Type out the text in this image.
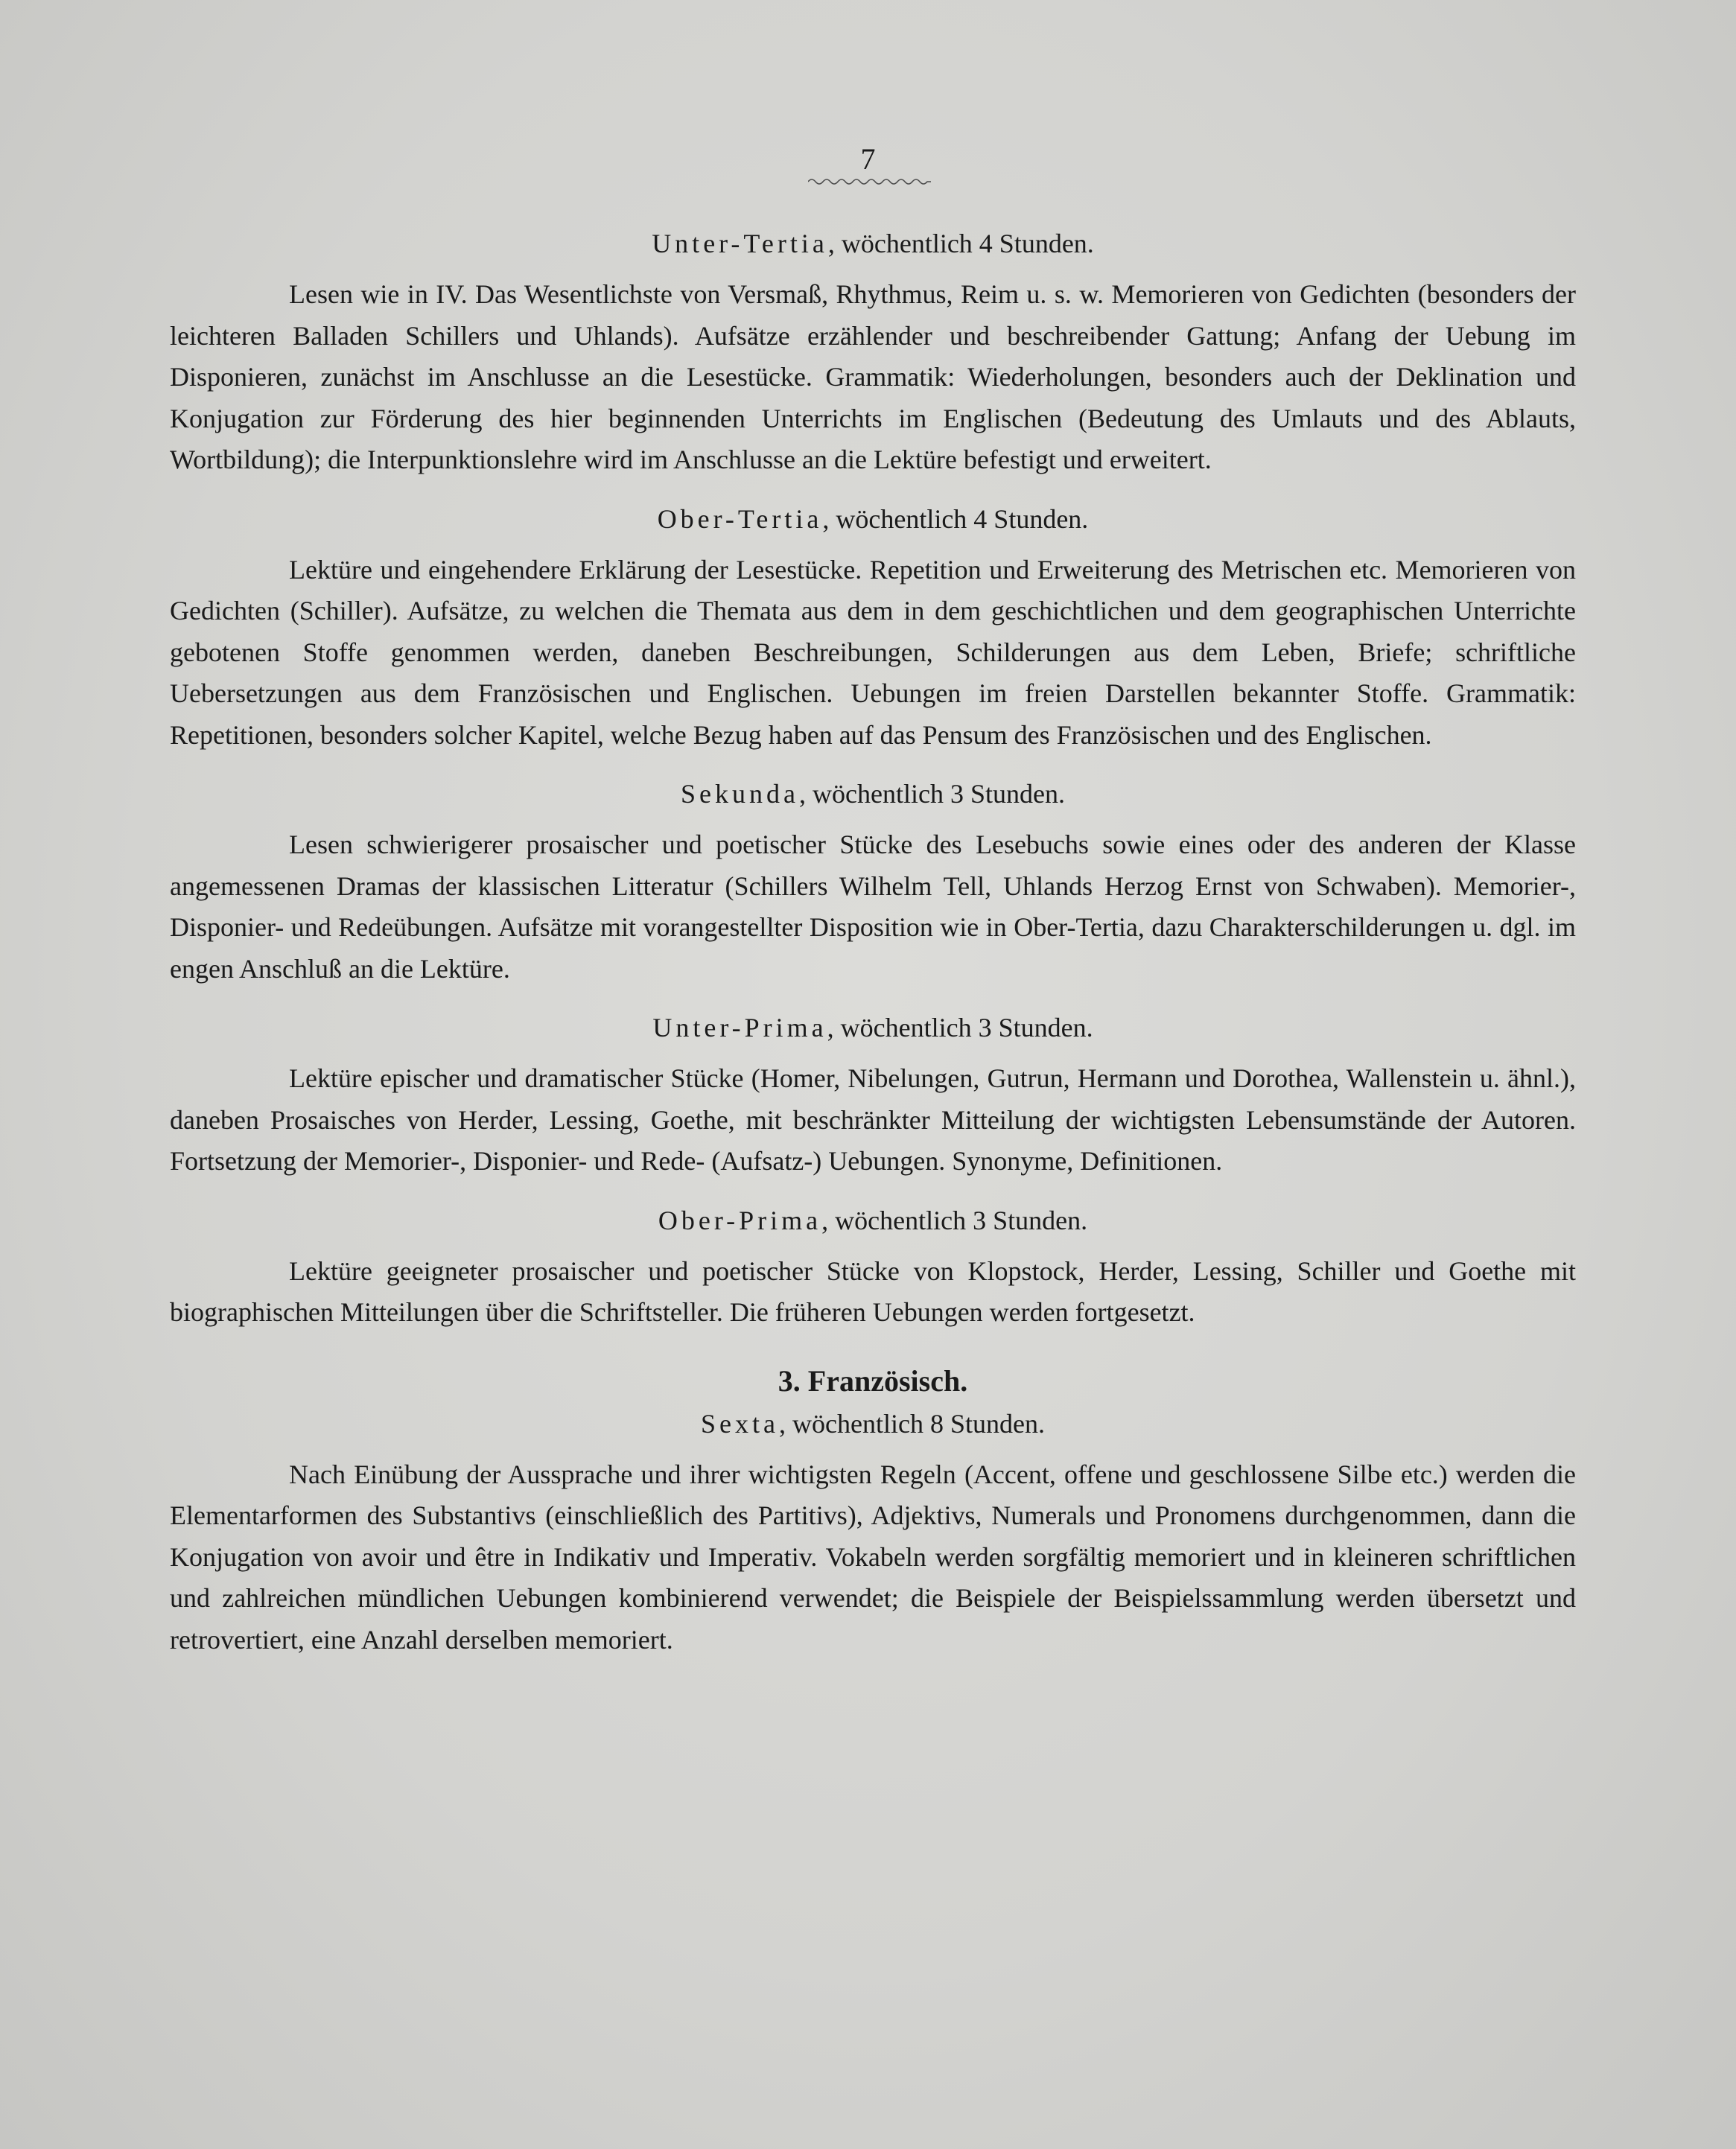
7
Unter-Tertia, wöchentlich 4 Stunden.

Lesen wie in IV. Das Wesentlichste von Versmaß, Rhythmus, Reim u. s. w. Memorieren von Gedichten (besonders der leichteren Balladen Schillers und Uhlands). Aufsätze erzählender und beschreibender Gattung; Anfang der Uebung im Disponieren, zunächst im Anschlusse an die Lesestücke. Grammatik: Wiederholungen, besonders auch der Deklination und Konjugation zur Förderung des hier beginnenden Unterrichts im Englischen (Bedeutung des Umlauts und des Ablauts, Wortbildung); die Interpunktionslehre wird im Anschlusse an die Lektüre befestigt und erweitert.

Ober-Tertia, wöchentlich 4 Stunden.

Lektüre und eingehendere Erklärung der Lesestücke. Repetition und Erweiterung des Metrischen etc. Memorieren von Gedichten (Schiller). Aufsätze, zu welchen die Themata aus dem in dem geschichtlichen und dem geographischen Unterrichte gebotenen Stoffe genommen werden, daneben Beschreibungen, Schilderungen aus dem Leben, Briefe; schriftliche Uebersetzungen aus dem Französischen und Englischen. Uebungen im freien Darstellen bekannter Stoffe. Grammatik: Repetitionen, besonders solcher Kapitel, welche Bezug haben auf das Pensum des Französischen und des Englischen.

Sekunda, wöchentlich 3 Stunden.

Lesen schwierigerer prosaischer und poetischer Stücke des Lesebuchs sowie eines oder des anderen der Klasse angemessenen Dramas der klassischen Litteratur (Schillers Wilhelm Tell, Uhlands Herzog Ernst von Schwaben). Memorier-, Disponier- und Redeübungen. Aufsätze mit vorangestellter Disposition wie in Ober-Tertia, dazu Charakterschilderungen u. dgl. im engen Anschluß an die Lektüre.

Unter-Prima, wöchentlich 3 Stunden.

Lektüre epischer und dramatischer Stücke (Homer, Nibelungen, Gutrun, Hermann und Dorothea, Wallenstein u. ähnl.), daneben Prosaisches von Herder, Lessing, Goethe, mit beschränkter Mitteilung der wichtigsten Lebensumstände der Autoren. Fortsetzung der Memorier-, Disponier- und Rede- (Aufsatz-) Uebungen. Synonyme, Definitionen.

Ober-Prima, wöchentlich 3 Stunden.

Lektüre geeigneter prosaischer und poetischer Stücke von Klopstock, Herder, Lessing, Schiller und Goethe mit biographischen Mitteilungen über die Schriftsteller. Die früheren Uebungen werden fortgesetzt.

3. Französisch.
Sexta, wöchentlich 8 Stunden.

Nach Einübung der Aussprache und ihrer wichtigsten Regeln (Accent, offene und geschlossene Silbe etc.) werden die Elementarformen des Substantivs (einschließlich des Partitivs), Adjektivs, Numerals und Pronomens durchgenommen, dann die Konjugation von avoir und être in Indikativ und Imperativ. Vokabeln werden sorgfältig memoriert und in kleineren schriftlichen und zahlreichen mündlichen Uebungen kombinierend verwendet; die Beispiele der Beispielssammlung werden übersetzt und retrovertiert, eine Anzahl derselben memoriert.
